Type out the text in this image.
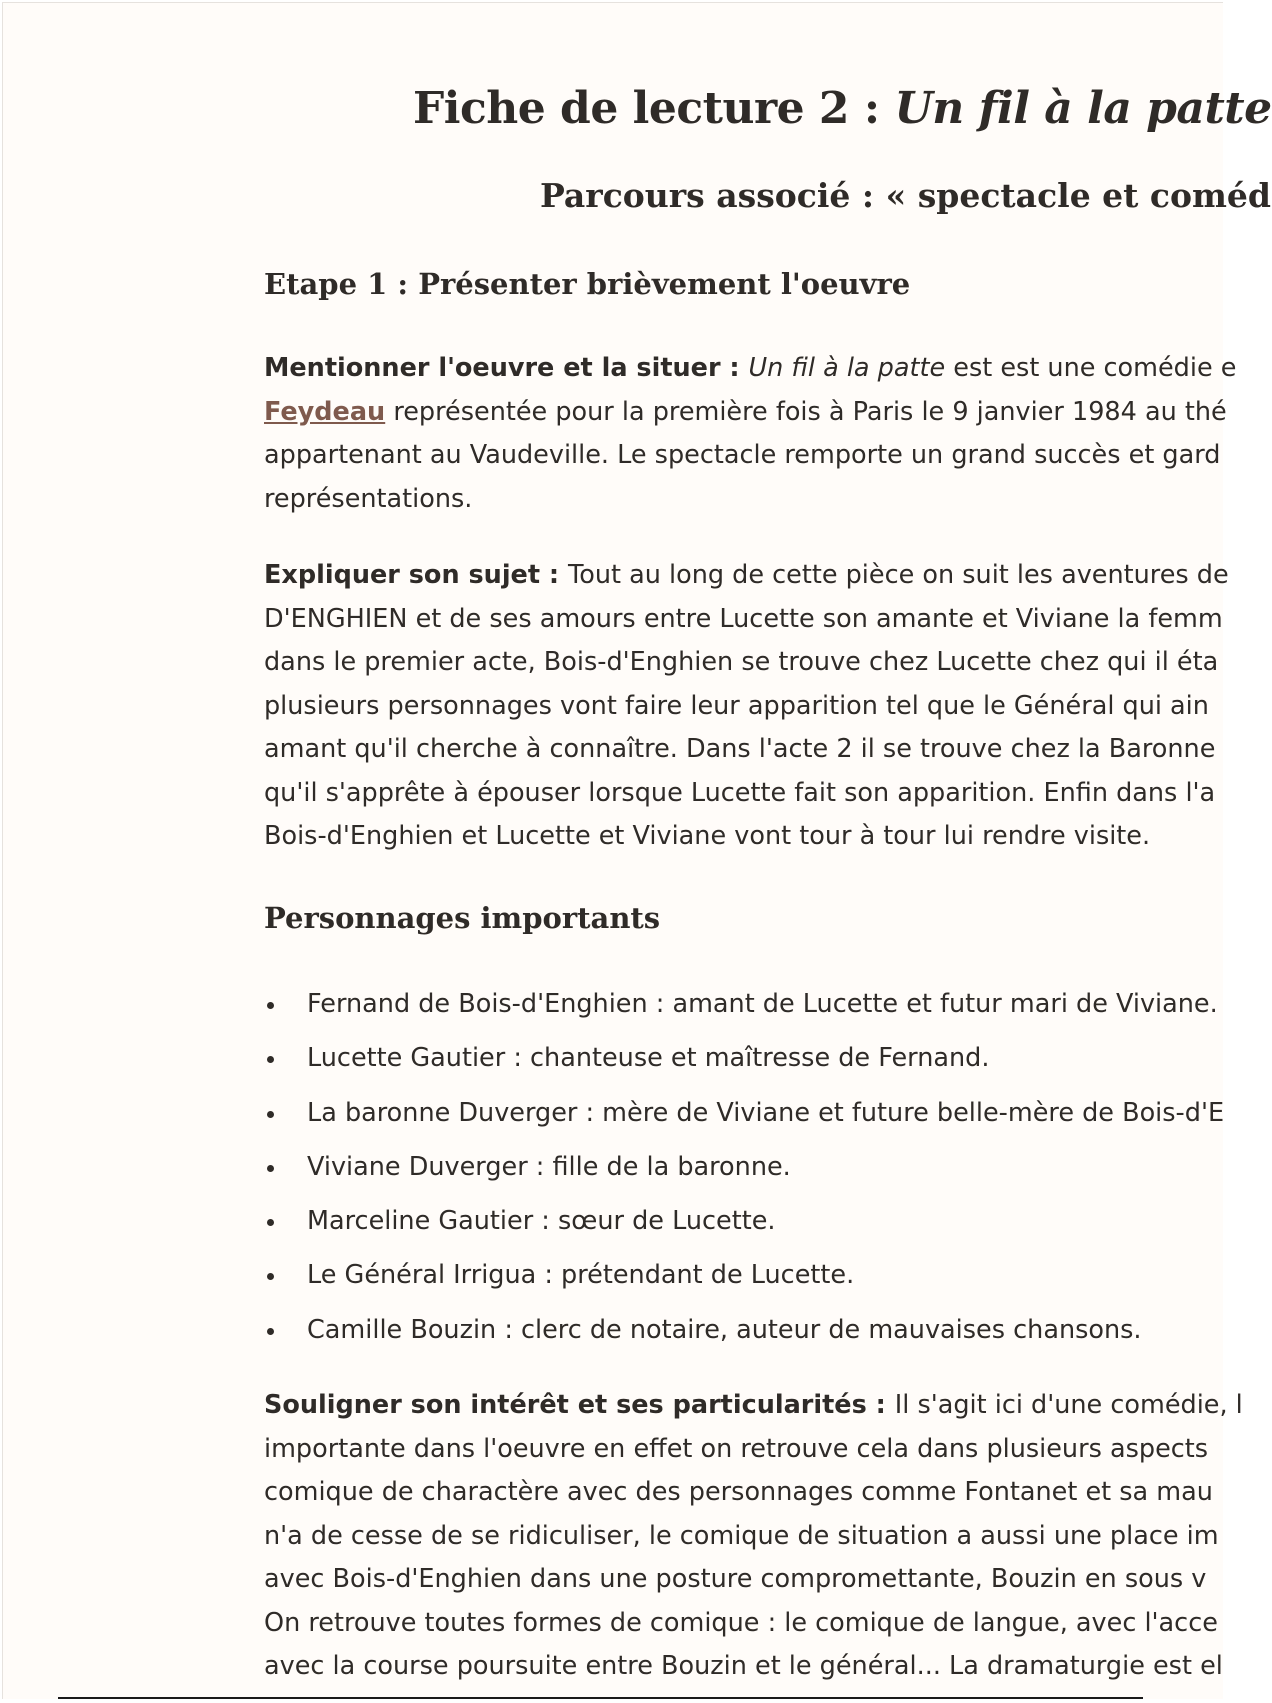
Fiche de lecture 2 : Un fil à la patte
Parcours associé : « spectacle et coméd
Etape 1 : Présenter brièvement l'oeuvre
Mentionner l'oeuvre et la situer : Un fil à la patte est est une comédie e
Feydeau représentée pour la première fois à Paris le 9 janvier 1984 au thé
appartenant au Vaudeville. Le spectacle remporte un grand succès et gard
représentations.
Expliquer son sujet : Tout au long de cette pièce on suit les aventures de
D'ENGHIEN et de ses amours entre Lucette son amante et Viviane la femm
dans le premier acte, Bois-d'Enghien se trouve chez Lucette chez qui il éta
plusieurs personnages vont faire leur apparition tel que le Général qui ain
amant qu'il cherche à connaître. Dans l'acte 2 il se trouve chez la Baronne
qu'il s'apprête à épouser lorsque Lucette fait son apparition. Enfin dans l'a
Bois-d'Enghien et Lucette et Viviane vont tour à tour lui rendre visite.
Personnages importants
Fernand de Bois-d'Enghien : amant de Lucette et futur mari de Viviane.
Lucette Gautier : chanteuse et maîtresse de Fernand.
La baronne Duverger : mère de Viviane et future belle-mère de Bois-d'E
Viviane Duverger : fille de la baronne.
Marceline Gautier : sœur de Lucette.
Le Général Irrigua : prétendant de Lucette.
Camille Bouzin : clerc de notaire, auteur de mauvaises chansons.
Souligner son intérêt et ses particularités : Il s'agit ici d'une comédie, l
importante dans l'oeuvre en effet on retrouve cela dans plusieurs aspects
comique de charactère avec des personnages comme Fontanet et sa mau
n'a de cesse de se ridiculiser, le comique de situation a aussi une place im
avec Bois-d'Enghien dans une posture compromettante, Bouzin en sous v
On retrouve toutes formes de comique : le comique de langue, avec l'acce
avec la course poursuite entre Bouzin et le général... La dramaturgie est el
